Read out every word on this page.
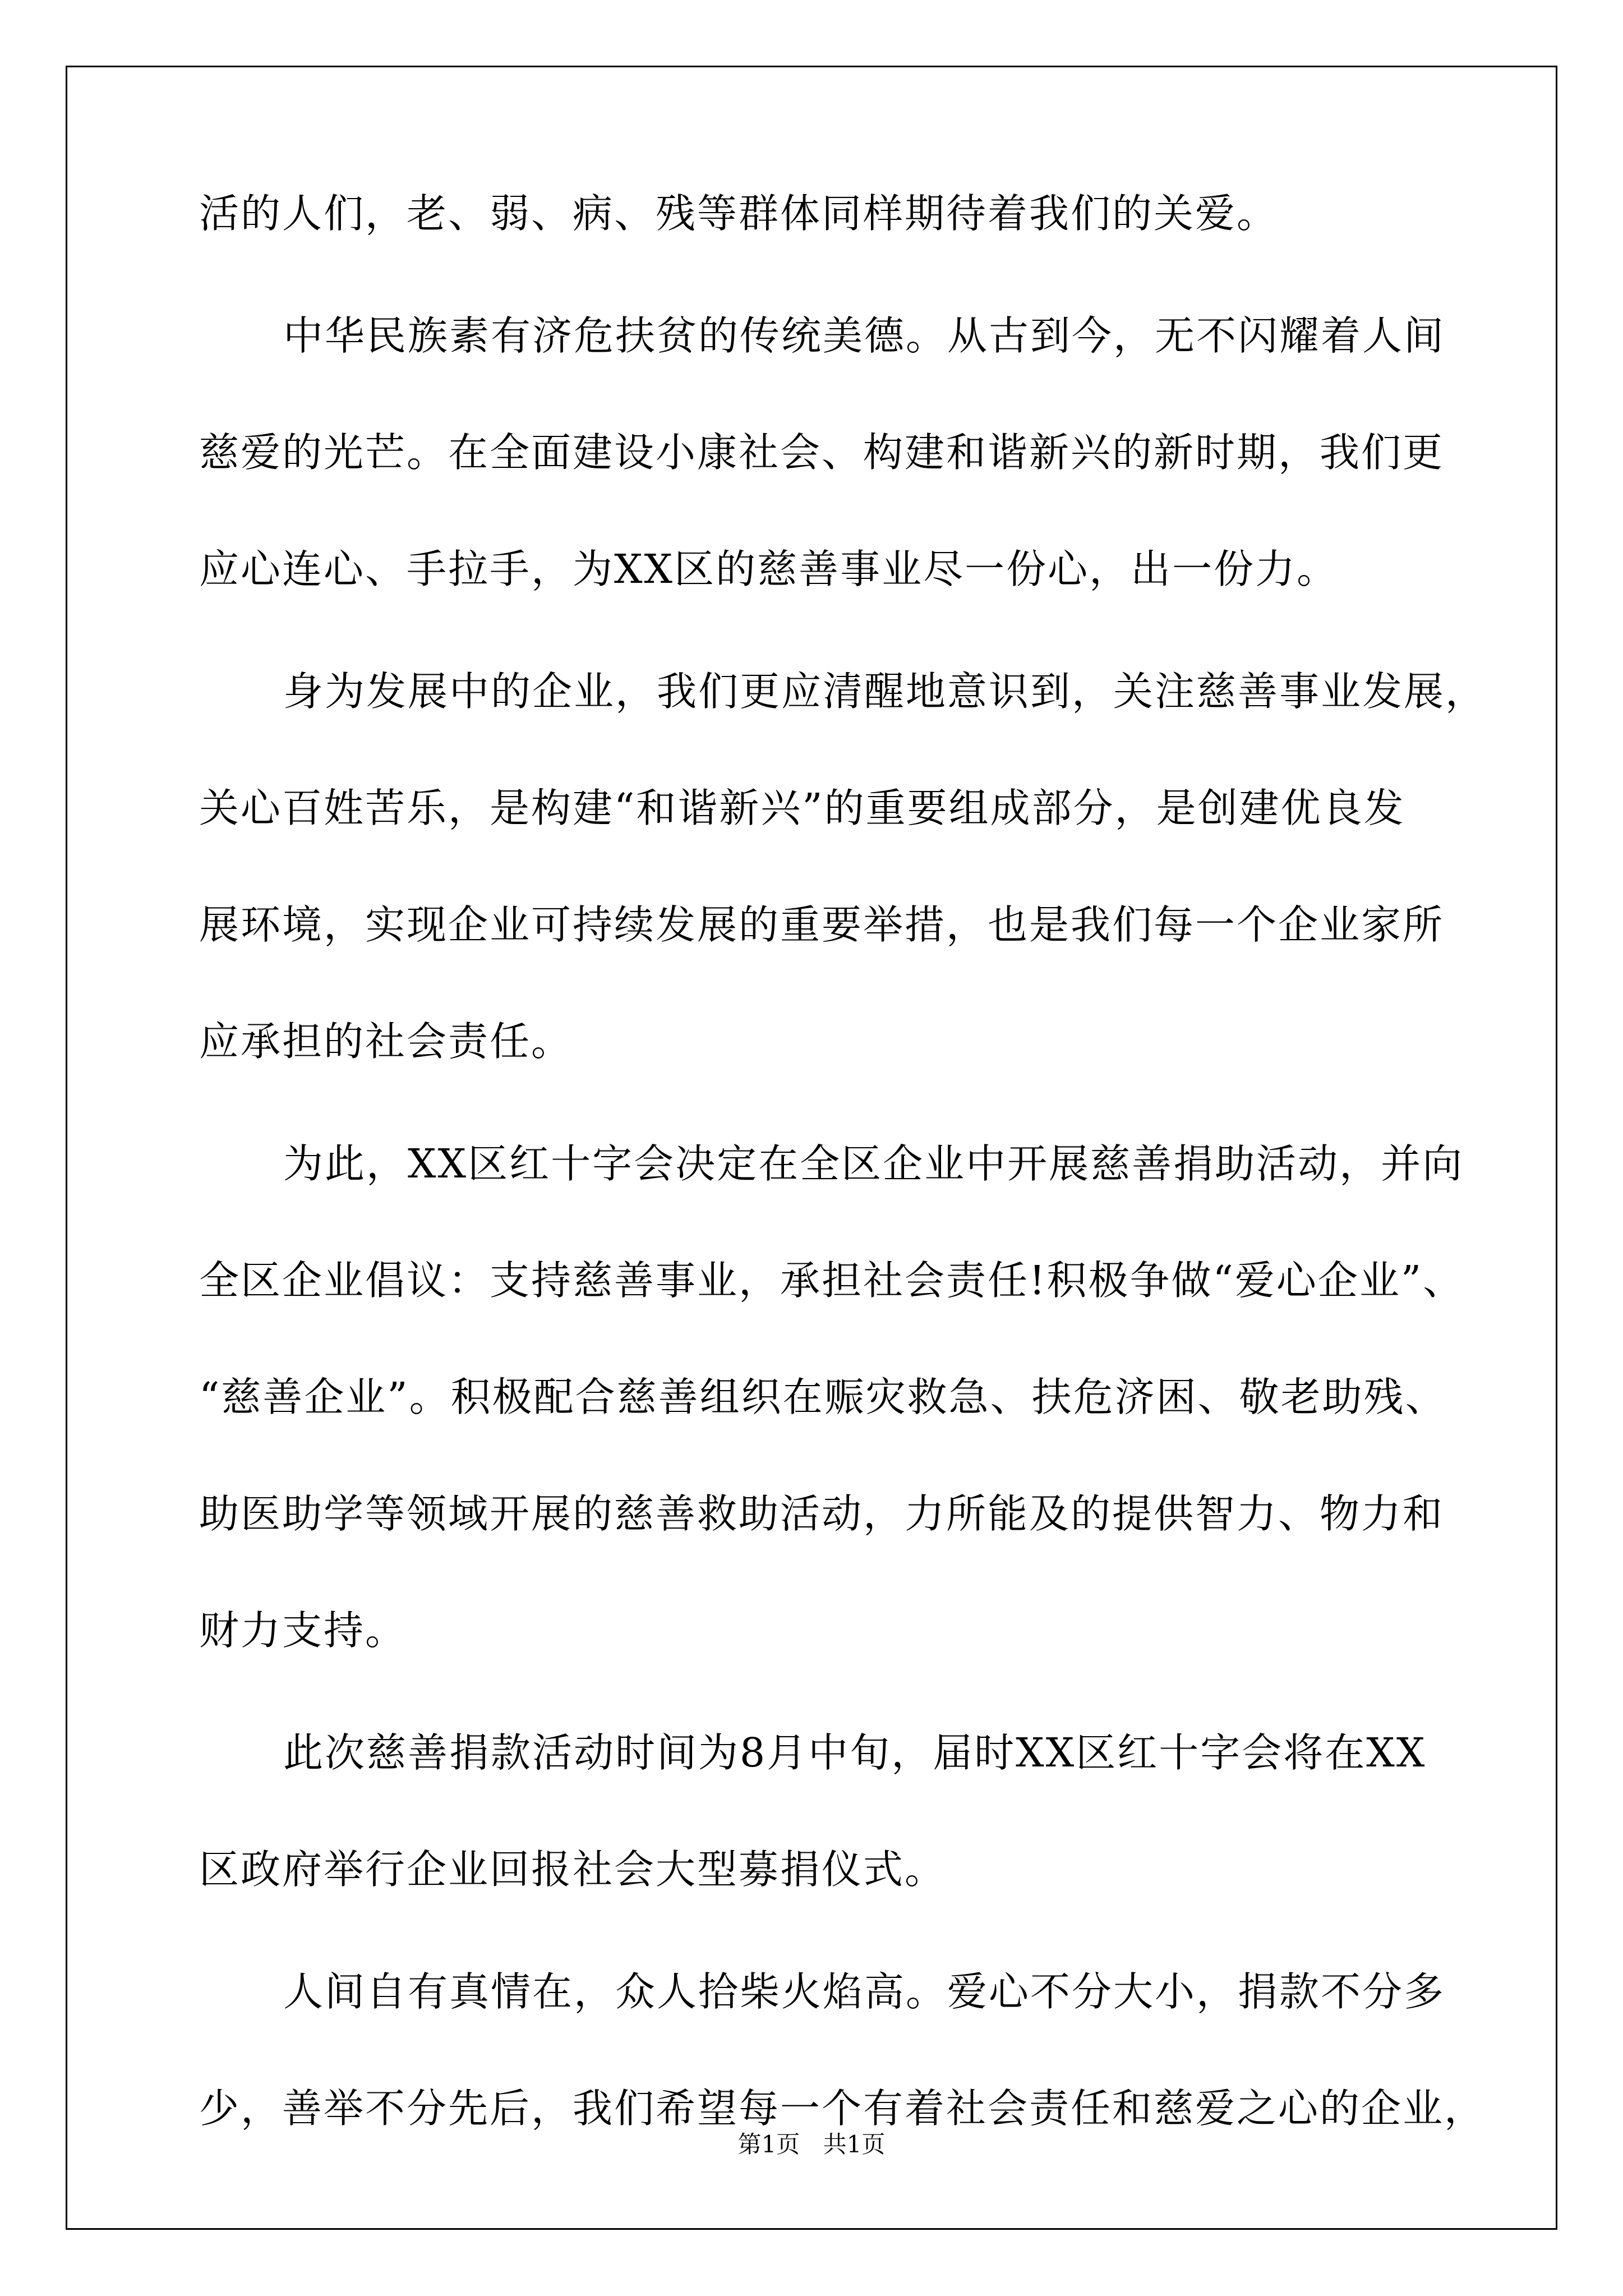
活的人们，老、弱、病、残等群体同样期待着我们的关爱。
中华民族素有济危扶贫的传统美德。从古到今，无不闪耀着人间
慈爱的光芒。在全面建设小康社会、构建和谐新兴的新时期，我们更
应心连心、手拉手，为XX区的慈善事业尽一份心，出一份力。
身为发展中的企业，我们更应清醒地意识到，关注慈善事业发展，
关心百姓苦乐，是构建“和谐新兴”的重要组成部分，是创建优良发
展环境，实现企业可持续发展的重要举措，也是我们每一个企业家所
应承担的社会责任。
为此，XX区红十字会决定在全区企业中开展慈善捐助活动，并向
全区企业倡议：支持慈善事业，承担社会责任!积极争做“爱心企业”、
“慈善企业”。积极配合慈善组织在赈灾救急、扶危济困、敬老助残、
助医助学等领域开展的慈善救助活动，力所能及的提供智力、物力和
财力支持。
此次慈善捐款活动时间为8月中旬，届时XX区红十字会将在XX
区政府举行企业回报社会大型募捐仪式。
人间自有真情在，众人拾柴火焰高。爱心不分大小，捐款不分多
少，善举不分先后，我们希望每一个有着社会责任和慈爱之心的企业，
第1页 共1页
